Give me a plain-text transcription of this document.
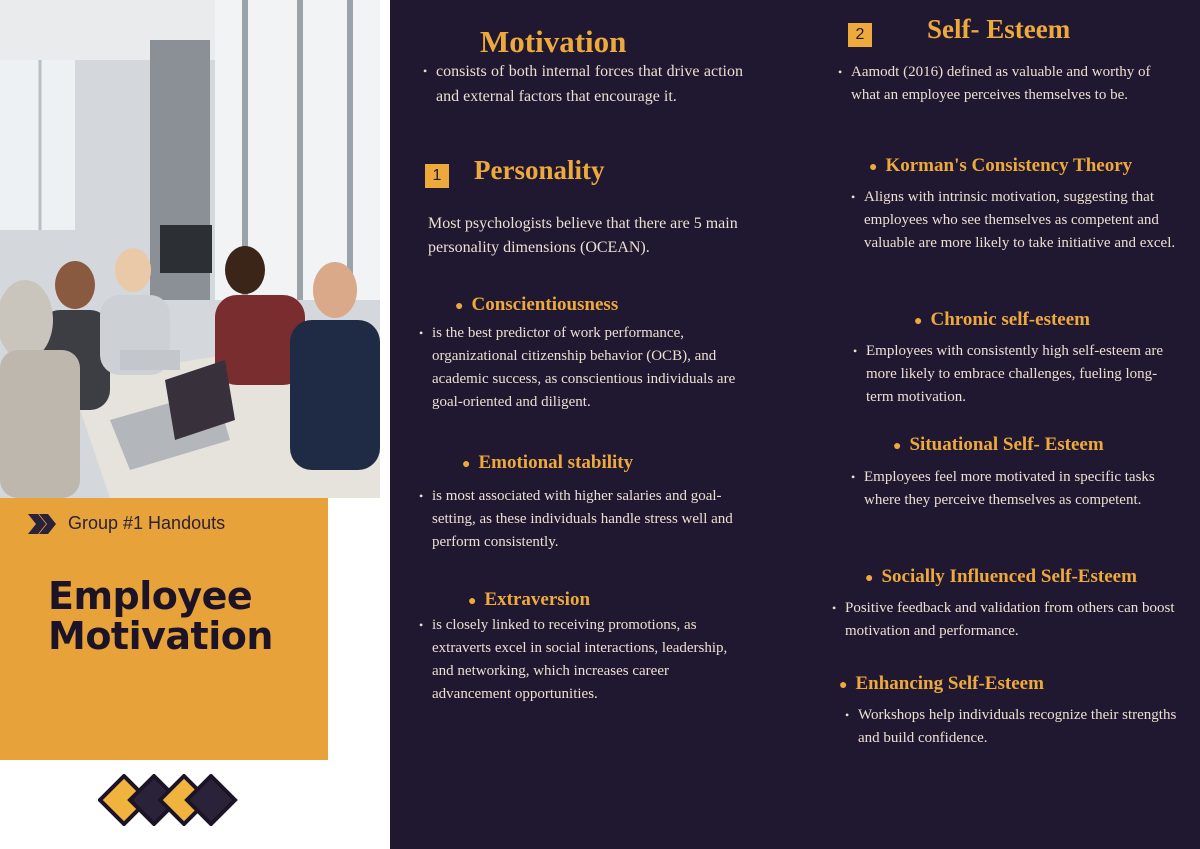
Group #1 Handouts
Employee
Motivation
Motivation
• consists of both internal forces that drive action and external factors that encourage it.
1 Personality
Most psychologists believe that there are 5 main personality dimensions (OCEAN).
● Conscientiousness
• is the best predictor of work performance, organizational citizenship behavior (OCB), and academic success, as conscientious individuals are goal-oriented and diligent.
● Emotional stability
• is most associated with higher salaries and goal-setting, as these individuals handle stress well and perform consistently.
● Extraversion
• is closely linked to receiving promotions, as extraverts excel in social interactions, leadership, and networking, which increases career advancement opportunities.
2 Self- Esteem
• Aamodt (2016) defined as valuable and worthy of what an employee perceives themselves to be.
● Korman's Consistency Theory
• Aligns with intrinsic motivation, suggesting that employees who see themselves as competent and valuable are more likely to take initiative and excel.
● Chronic self-esteem
• Employees with consistently high self-esteem are more likely to embrace challenges, fueling long-term motivation.
● Situational Self- Esteem
• Employees feel more motivated in specific tasks where they perceive themselves as competent.
● Socially Influenced Self-Esteem
• Positive feedback and validation from others can boost motivation and performance.
● Enhancing Self-Esteem
• Workshops help individuals recognize their strengths and build confidence.
